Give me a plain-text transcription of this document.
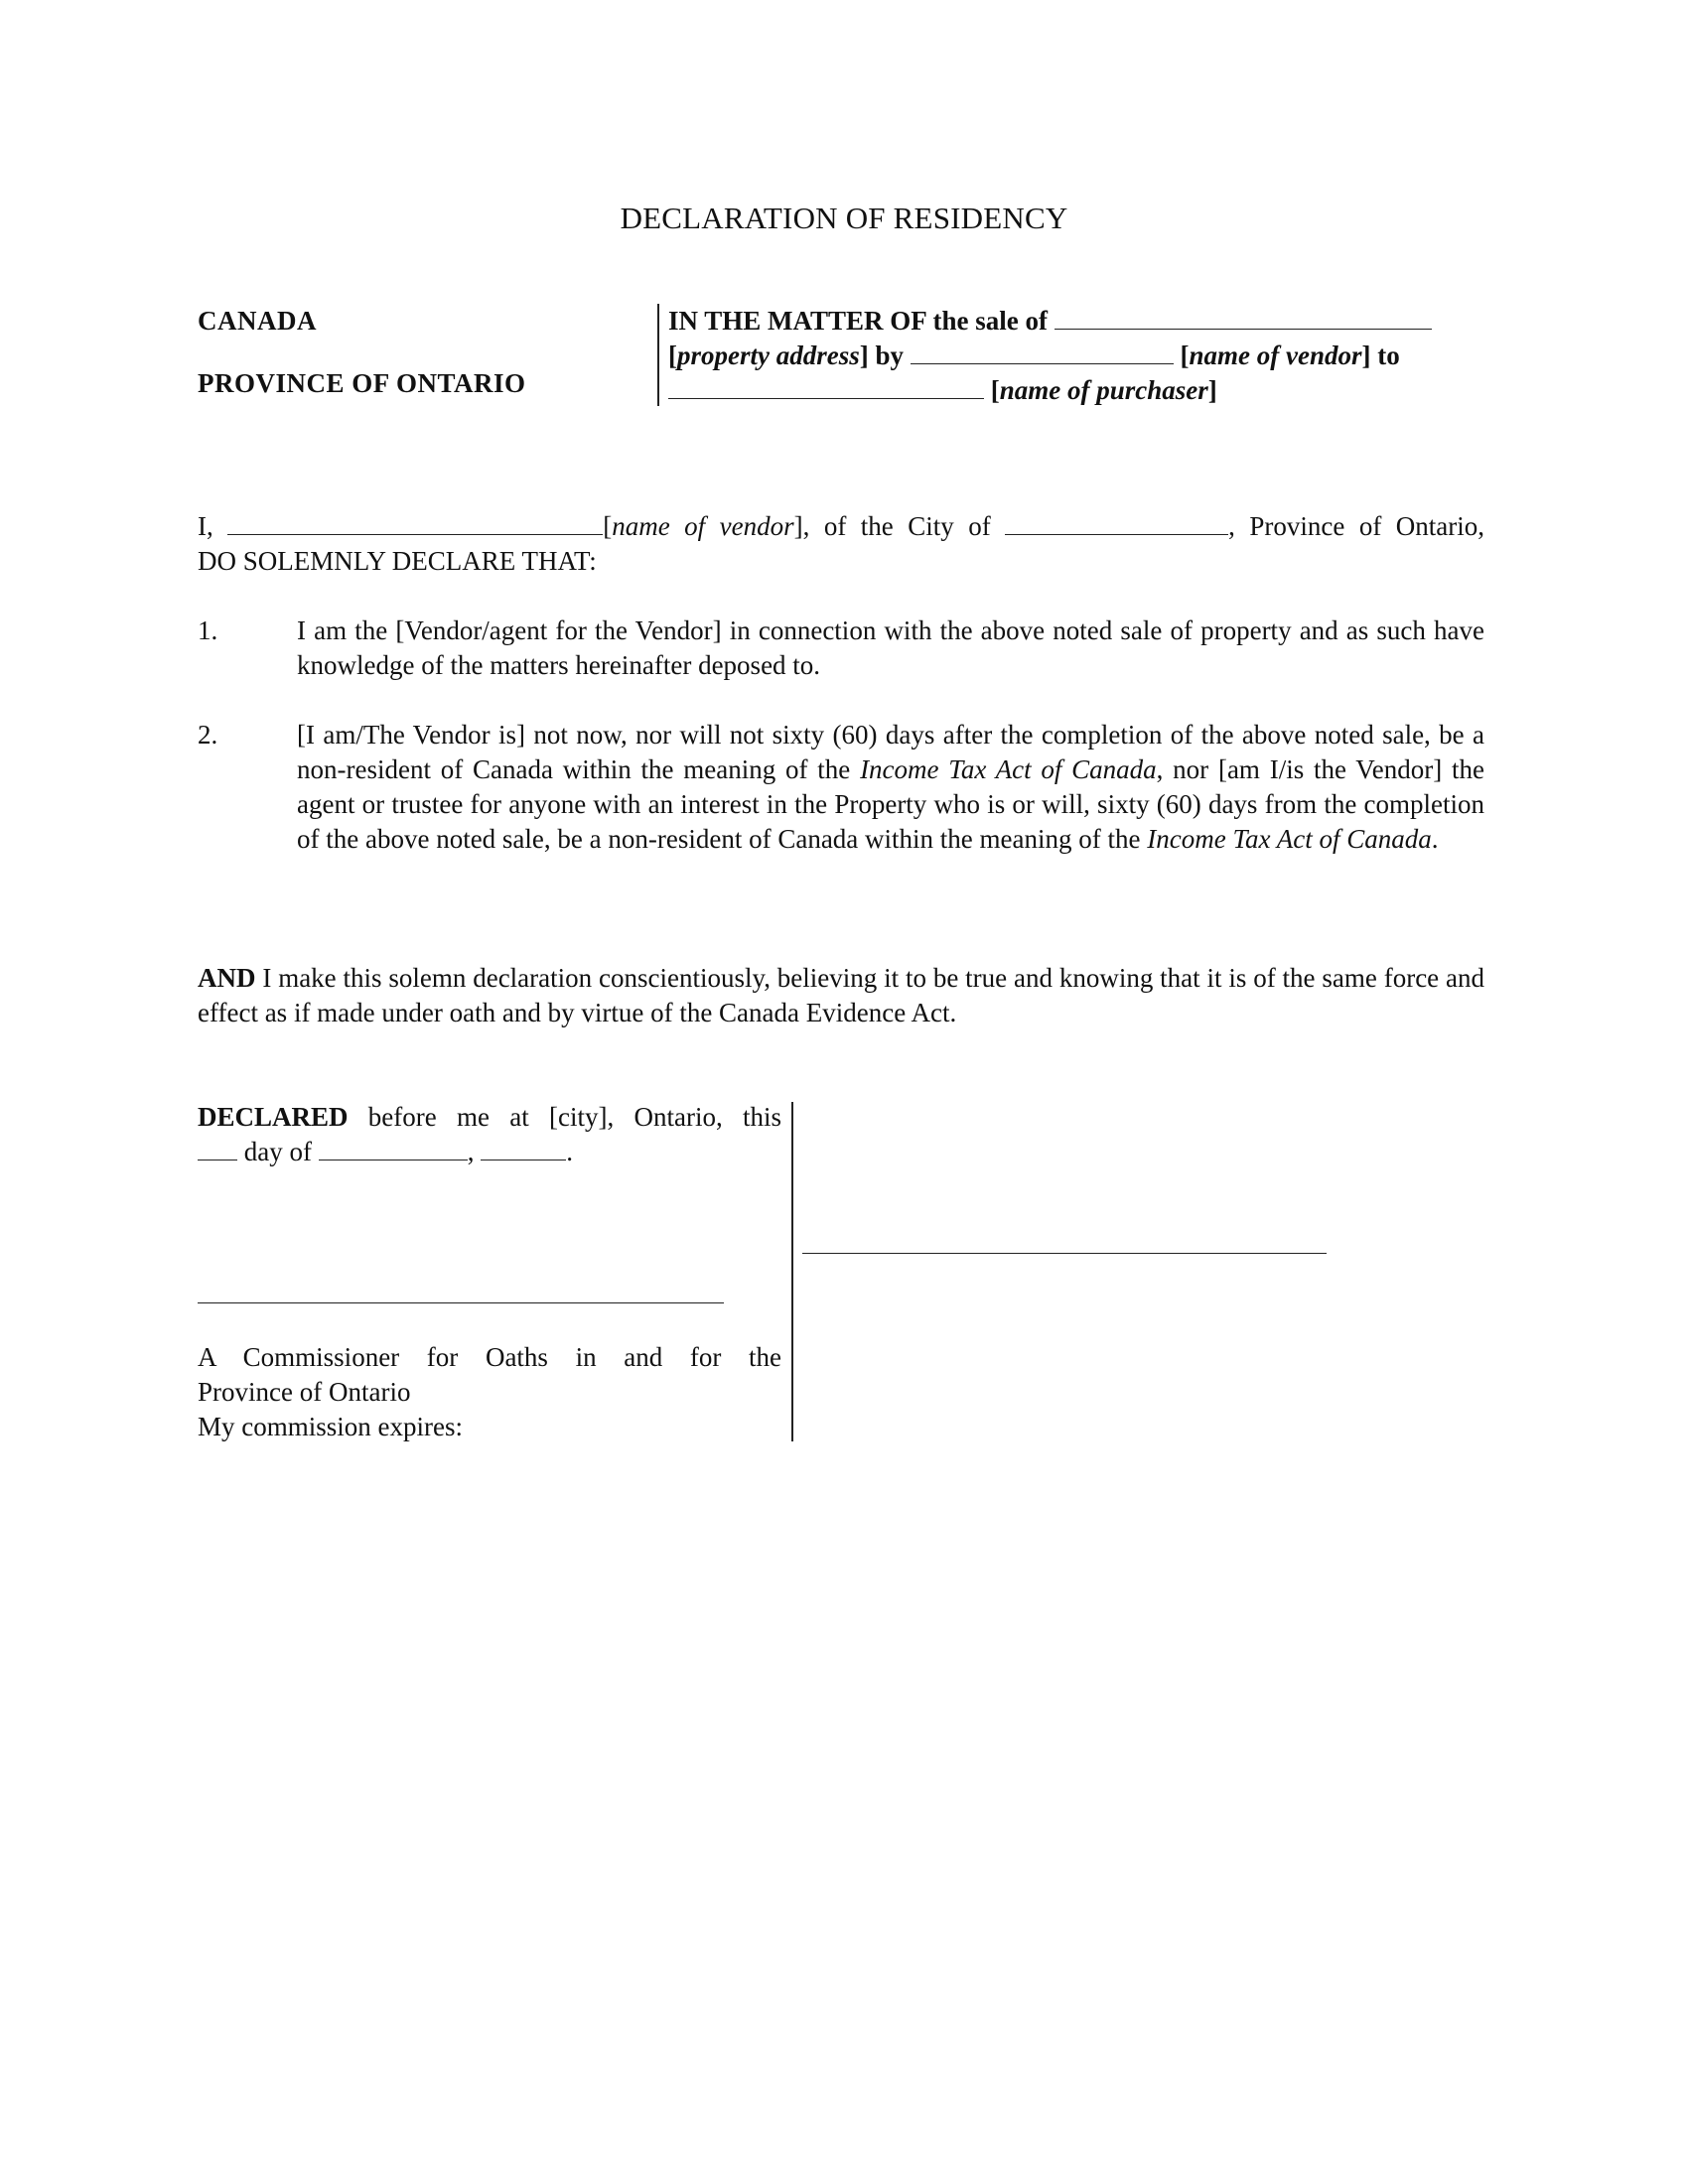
DECLARATION OF RESIDENCY
CANADA
PROVINCE OF ONTARIO
IN THE MATTER OF the sale of
[property address] by	[name of vendor] to
[name of purchaser]
I,	[name of vendor], of the City of	, Province of Ontario,
DO SOLEMNLY DECLARE THAT:
1.	I am the [Vendor/agent for the Vendor] in connection with the above noted sale of property and as such have knowledge of the matters hereinafter deposed to.
2.	[I am/The Vendor is] not now, nor will not sixty (60) days after the completion of the above noted sale, be a non-resident of Canada within the meaning of the Income Tax Act of Canada, nor [am I/is the Vendor] the agent or trustee for anyone with an interest in the Property who is or will, sixty (60) days from the completion of the above noted sale, be a non-resident of Canada within the meaning of the Income Tax Act of Canada.
AND I make this solemn declaration conscientiously, believing it to be true and knowing that it is of the same force and effect as if made under oath and by virtue of the Canada Evidence Act.
DECLARED before me at [city], Ontario, this
day of	,	.
A Commissioner for Oaths in and for the
Province of Ontario
My commission expires:
